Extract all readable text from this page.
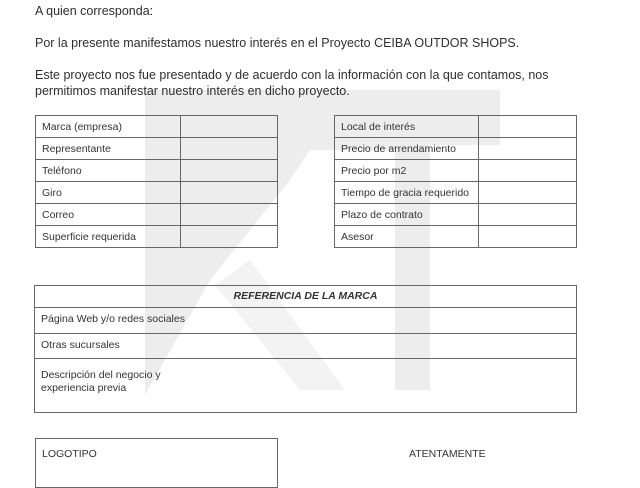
A quien corresponda:
Por la presente manifestamos nuestro interés en el Proyecto CEIBA OUTDOR SHOPS.
Este proyecto nos fue presentado y de acuerdo con la información con la que contamos, nos
permitimos manifestar nuestro interés en dicho proyecto.
Marca (empresa)	
Representante	
Teléfono	
Giro	
Correo	
Superficie requerida	
Local de interés	
Precio de arrendamiento	
Precio por m2	
Tiempo de gracia requerido	
Plazo de contrato	
Asesor	
REFERENCIA DE LA MARCA
Página Web y/o redes sociales
Otras sucursales
Descripción del negocio y
experiencia previa
LOGOTIPO	ATENTAMENTE
